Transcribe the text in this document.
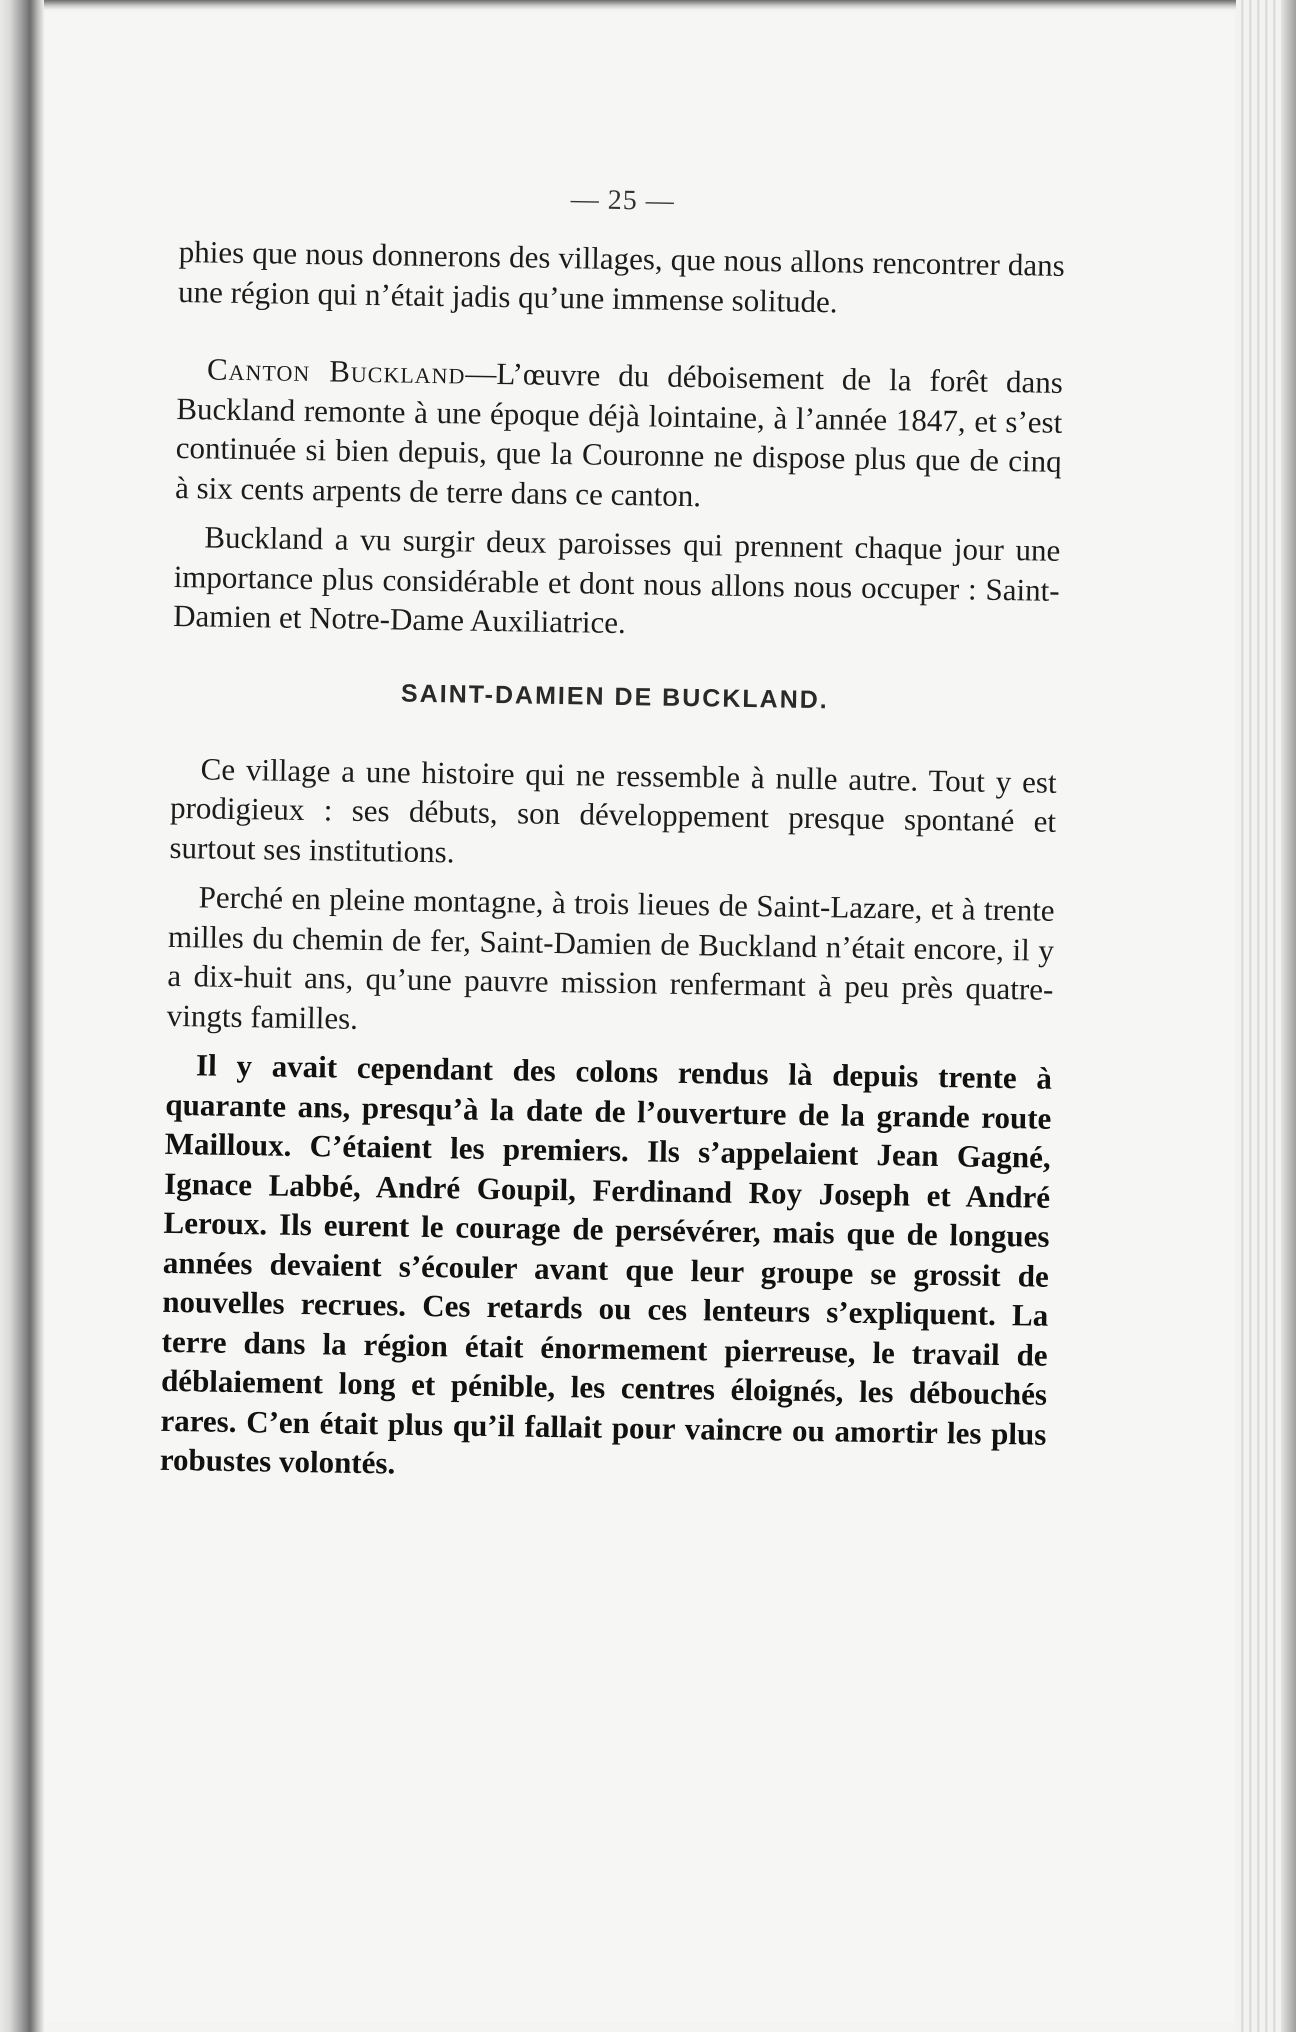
— 25 —

phies que nous donnerons des villages, que nous allons rencontrer dans une région qui n’était jadis qu’une immense solitude.

Canton Buckland—L’œuvre du déboisement de la forêt dans Buckland remonte à une époque déjà lointaine, à l’année 1847, et s’est continuée si bien depuis, que la Couronne ne dispose plus que de cinq à six cents arpents de terre dans ce canton.

Buckland a vu surgir deux paroisses qui prennent chaque jour une importance plus considérable et dont nous allons nous occuper : Saint-Damien et Notre-Dame Auxiliatrice.

SAINT-DAMIEN DE BUCKLAND.

Ce village a une histoire qui ne ressemble à nulle autre. Tout y est prodigieux : ses débuts, son développement presque spontané et surtout ses institutions.

Perché en pleine montagne, à trois lieues de Saint-Lazare, et à trente milles du chemin de fer, Saint-Damien de Buckland n’était encore, il y a dix-huit ans, qu’une pauvre mission renfermant à peu près quatre-vingts familles.

Il y avait cependant des colons rendus là depuis trente à quarante ans, presqu’à la date de l’ouverture de la grande route Mailloux. C’étaient les premiers. Ils s’appelaient Jean Gagné, Ignace Labbé, André Goupil, Ferdinand Roy Joseph et André Leroux. Ils eurent le courage de persévérer, mais que de longues années devaient s’écouler avant que leur groupe se grossit de nouvelles recrues. Ces retards ou ces lenteurs s’expliquent. La terre dans la région était énormement pierreuse, le travail de déblaiement long et pénible, les centres éloignés, les débouchés rares. C’en était plus qu’il fallait pour vaincre ou amortir les plus robustes volontés.
